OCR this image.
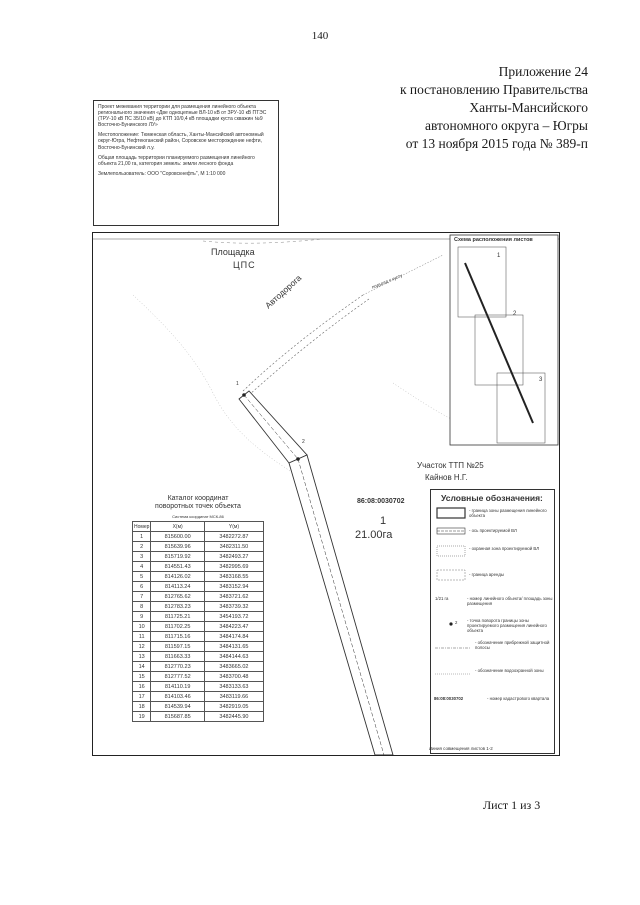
140
Приложение 24
к постановлению Правительства
Ханты-Мансийского
автономного округа – Югры
от 13 ноября 2015 года № 389-п

Проект межевания территории для размещения линейного объекта регионального значения «Две одноцепные ВЛ-10 кВ от ЗРУ-10 кВ ПТЭС (ТРУ-10 кВ ПС 35/10 кВ) до КТП 10/0,4 кВ площадки куста скважин №9 Восточно-Бунинского ЛУ»

Местоположение: Тюменская область, Ханты-Мансийский автономный округ-Югра, Нефтеюганский район, Соровское месторождение нефти, Восточно-Бунинский л.у.

Общая площадь территории планируемого размещения линейного объекта 21,00 га, категория земель: земли лесного фонда

Землепользователь: ООО "Соровскнефть", М 1:10 000

Площадка
ЦПС
Автодорога	подъезд к кусту
Участок ТТП №25
Кайнов Н.Г.
86:08:0030702
1
21.00га
1
2
Схема расположения листов
1
2
3
Каталог координат
поворотных точек объекта
Система координат МСК-86
Номер	X(м)	Y(м)
1	815600.00	3482272.87
2	815639.96	3482311.50
3	815719.92	3482493.27
4	814551.43	3482995.69
5	814126.02	3483168.55
6	814113.24	3483152.94
7	812765.62	3483721.62
8	812783.23	3483739.32
9	811725.21	3454193.72
10	811702.25	3484223.47
11	811715.16	3484174.84
12	811597.15	3484131.65
13	811663.33	3484144.63
14	812770.23	3483665.02
15	812777.52	3483700.48
16	814110.19	3483133.63
17	814103.46	3483119.66
18	814539.94	3482919.05
19	815687.85	3482445.90
Условные обозначения:
- граница зоны размещения линейного объекта
- ось проектируемой ВЛ
- охранная зона проектируемой ВЛ
- граница аренды
1/21 га	- номер линейного объекта/ площадь зоны размещения
2 - точка поворота границы зоны проектируемого размещения линейного объекта
- обозначение прибрежной защитной полосы
- обозначение водоохранной зоны
86:08:0030702	- номер кадастрового квартала
Линия совмещения листов 1-2
Лист 1 из 3
